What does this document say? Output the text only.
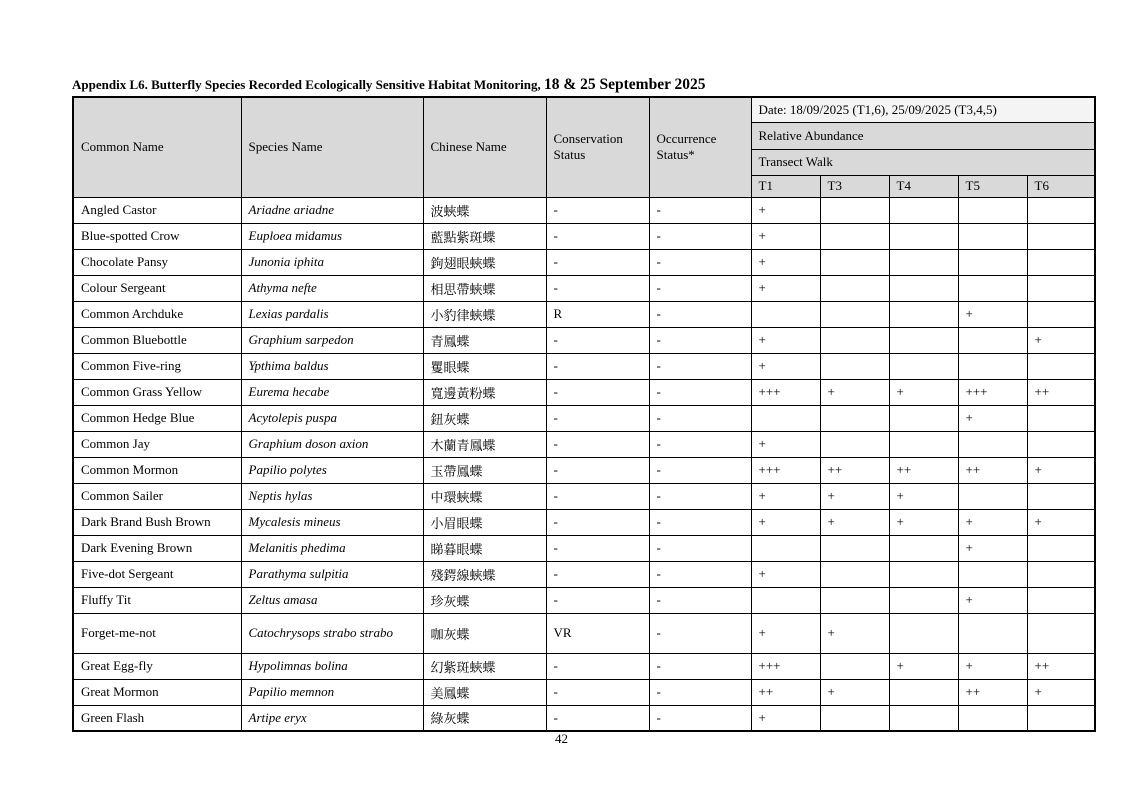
Appendix L6. Butterfly Species Recorded Ecologically Sensitive Habitat Monitoring, 18 & 25 September 2025
Common Name	Species Name	Chinese Name	Conservation Status	Occurrence Status*	Date: 18/09/2025 (T1,6), 25/09/2025 (T3,4,5)				
					Relative Abundance				
					Transect Walk				
					T1	T3	T4	T5	T6
Angled Castor	Ariadne ariadne	波蛺蝶	-	-	+				
Blue-spotted Crow	Euploea midamus	藍點紫斑蝶	-	-	+				
Chocolate Pansy	Junonia iphita	鉤翅眼蛺蝶	-	-	+				
Colour Sergeant	Athyma nefte	相思帶蛺蝶	-	-	+				
Common Archduke	Lexias pardalis	小豹律蛺蝶	R	-				+	
Common Bluebottle	Graphium sarpedon	青鳳蝶	-	-	+				+
Common Five-ring	Ypthima baldus	矍眼蝶	-	-	+				
Common Grass Yellow	Eurema hecabe	寬邊黃粉蝶	-	-	+++	+	+	+++	++
Common Hedge Blue	Acytolepis puspa	鈕灰蝶	-	-				+	
Common Jay	Graphium doson axion	木蘭青鳳蝶	-	-	+				
Common Mormon	Papilio polytes	玉帶鳳蝶	-	-	+++	++	++	++	+
Common Sailer	Neptis hylas	中環蛺蝶	-	-	+	+	+		
Dark Brand Bush Brown	Mycalesis mineus	小眉眼蝶	-	-	+	+	+	+	+
Dark Evening Brown	Melanitis phedima	睇暮眼蝶	-	-				+	
Five-dot Sergeant	Parathyma sulpitia	殘鍔線蛺蝶	-	-	+				
Fluffy Tit	Zeltus amasa	珍灰蝶	-	-				+	
Forget-me-not	Catochrysops strabo strabo	咖灰蝶	VR	-	+	+			
Great Egg-fly	Hypolimnas bolina	幻紫斑蛺蝶	-	-	+++		+	+	++
Great Mormon	Papilio memnon	美鳳蝶	-	-	++	+		++	+
Green Flash	Artipe eryx	綠灰蝶	-	-	+				
42
